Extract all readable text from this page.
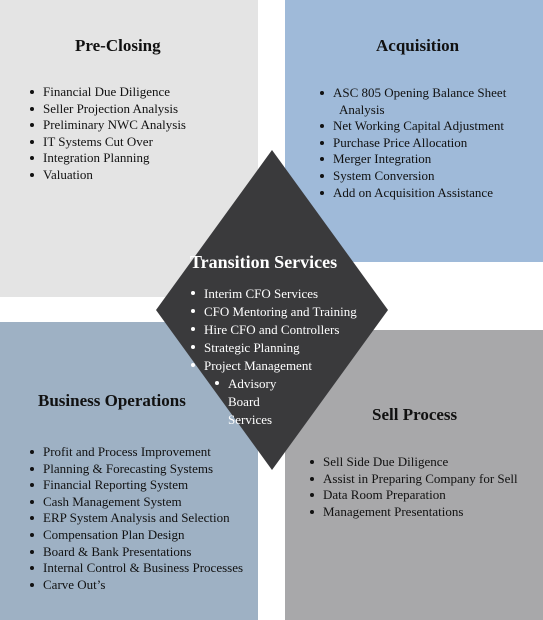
Pre-Closing
Financial Due Diligence
Seller Projection Analysis
Preliminary NWC Analysis
IT Systems Cut Over
Integration Planning
Valuation
Acquisition
ASC 805 Opening Balance Sheet
Analysis
Net Working Capital Adjustment
Purchase Price Allocation
Merger Integration
System Conversion
Add on Acquisition Assistance
Business Operations
Profit and Process Improvement
Planning & Forecasting Systems
Financial Reporting System
Cash Management System
ERP System Analysis and Selection
Compensation Plan Design
Board & Bank Presentations
Internal Control & Business Processes
Carve Out’s
Sell Process
Sell Side Due Diligence
Assist in Preparing Company for Sell
Data Room Preparation
Management Presentations
Transition Services
Interim CFO Services
CFO Mentoring and Training
Hire CFO and Controllers
Strategic Planning
Project Management
Advisory Board
Services
